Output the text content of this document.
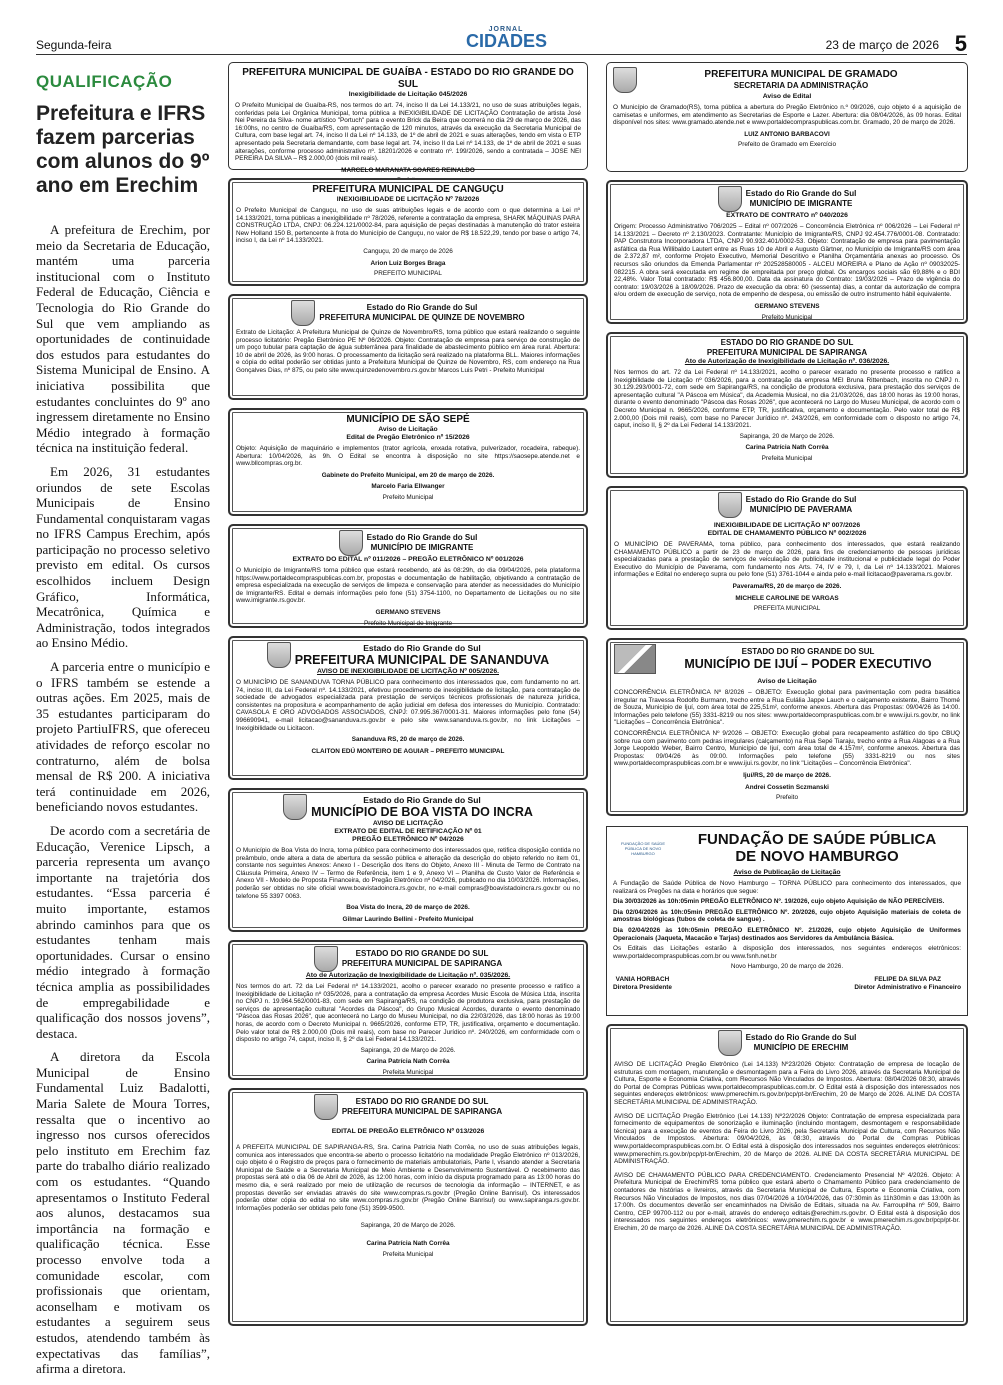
Segunda-feira
JORNAL
CIDADES	23 de março de 2026 5
QUALIFICAÇÃO
Prefeitura e IFRS fazem parcerias com alunos do 9º ano em Erechim

A prefeitura de Erechim, por meio da Secretaria de Educação, mantém uma parceria institucional com o Instituto Federal de Educação, Ciência e Tecnologia do Rio Grande do Sul que vem ampliando as oportunidades de continuidade dos estudos para estudantes do Sistema Municipal de Ensino. A iniciativa possibilita que estudantes concluintes do 9º ano ingressem diretamente no Ensino Médio integrado à formação técnica na instituição federal.

Em 2026, 31 estudantes oriundos de sete Escolas Municipais de Ensino Fundamental conquistaram vagas no IFRS Campus Erechim, após participação no processo seletivo previsto em edital. Os cursos escolhidos incluem Design Gráfico, Informática, Mecatrônica, Química e Administração, todos integrados ao Ensino Médio.

A parceria entre o município e o IFRS também se estende a outras ações. Em 2025, mais de 35 estudantes participaram do projeto PartiuIFRS, que ofereceu atividades de reforço escolar no contraturno, além de bolsa mensal de R$ 200. A iniciativa terá continuidade em 2026, beneficiando novos estudantes.

De acordo com a secretária de Educação, Verenice Lipsch, a parceria representa um avanço importante na trajetória dos estudantes. “Essa parceria é muito importante, estamos abrindo caminhos para que os estudantes tenham mais oportunidades. Cursar o ensino médio integrado à formação técnica amplia as possibilidades de empregabilidade e qualificação dos nossos jovens”, destaca.

A diretora da Escola Municipal de Ensino Fundamental Luiz Badalotti, Maria Salete de Moura Torres, ressalta que o incentivo ao ingresso nos cursos oferecidos pelo instituto em Erechim faz parte do trabalho diário realizado com os estudantes. “Quando apresentamos o Instituto Federal aos alunos, destacamos sua importância na formação e qualificação técnica. Esse processo envolve toda a comunidade escolar, com profissionais que orientam, aconselham e motivam os estudantes a seguirem seus estudos, atendendo também às expectativas das famílias”, afirma a diretora.

PREFEITURA MUNICIPAL DE GUAÍBA - ESTADO DO RIO GRANDE DO SUL
Inexigibilidade de Licitação 045/2026
O Prefeito Municipal de Guaíba-RS, nos termos do art. 74, inciso II da Lei 14.133/21, no uso de suas atribuições legais, conferidas pela Lei Orgânica Municipal, torna pública a INEXIGIBILIDADE DE LICITAÇÃO Contratação de artista José Nei Pereira da Silva- nome artístico "Portuch" para o evento Brick da Beira que ocorrerá no dia 29 de março de 2026, das 16:00hs, no centro de Guaíba/RS, com apresentação de 120 minutos, através da execução da Secretaria Municipal de Cultura, com base legal art. 74, inciso II da Lei nº 14.133, de 1º de abril de 2021 e suas alterações, tendo em vista o ETP apresentado pela Secretaria demandante, com base legal art. 74, inciso II da Lei nº 14.133, de 1º de abril de 2021 e suas alterações, conforme processo administrativo nº. 18201/2026 e contrato nº. 199/2026, sendo a contratada – JOSE NEI PEREIRA DA SILVA – R$ 2.000,00 (dois mil reais).
MARCELO MARANATA SOARES REINALDO
PREFEITURA MUNICIPAL DE CANGUÇU
INEXIGIBILIDADE DE LICITAÇÃO Nº 78/2026
O Prefeito Municipal de Canguçu, no uso de suas atribuições legais e de acordo com o que determina a Lei nº 14.133/2021, torna públicas a inexigibilidade nº 78/2026, referente a contratação da empresa, SHARK MÁQUINAS PARA CONSTRUÇÃO LTDA, CNPJ: 06.224.121/0002-84, para aquisição de peças destinadas à manutenção do trator esteira New Holland 150 B, pertencente à frota do Município de Canguçu, no valor de R$ 18.522,29, tendo por base o artigo 74, inciso I, da Lei nº 14.133/2021.
Canguçu, 20 de março de 2026
Arion Luiz Borges Braga
PREFEITO MUNICIPAL
Estado do Rio Grande do Sul
PREFEITURA MUNICIPAL DE QUINZE DE NOVEMBRO
Extrato de Licitação: A Prefeitura Municipal de Quinze de Novembro/RS, torna público que estará realizando o seguinte processo licitatório: Pregão Eletrônico PE Nº 06/2026. Objeto: Contratação de empresa para serviço de construção de um poço tubular para captação de água subterrânea para finalidade de abastecimento público em área rural. Abertura: 10 de abril de 2026, às 9:00 horas. O processamento da licitação será realizado na plataforma BLL. Maiores informações e cópia do edital poderão ser obtidas junto a Prefeitura Municipal de Quinze de Novembro, RS, com endereço na Rua Gonçalves Dias, nº 875, ou pelo site www.quinzedenovembro.rs.gov.br Marcos Luis Petri - Prefeito Municipal
MUNICÍPIO DE SÃO SEPÉ
Aviso de Licitação
Edital de Pregão Eletrônico nº 15/2026
Objeto: Aquisição de maquinário e implementos (trator agrícola, enxada rotativa, pulverizador, rocadeira, rabeque). Abertura: 10/04/2026, às 9h. O Edital se encontra à disposição no site https://saosepe.atende.net e www.bllcompras.org.br.
Gabinete do Prefeito Municipal, em 20 de março de 2026.
Marcelo Faria Ellwanger
Prefeito Municipal
Estado do Rio Grande do Sul
MUNICÍPIO DE IMIGRANTE
EXTRATO DO EDITAL nº 011/2026 – PREGÃO ELETRÔNICO Nº 001/2026
O Município de Imigrante/RS torna público que estará recebendo, até às 08:29h, do dia 09/04/2026, pela plataforma https://www.portaldecompraspublicas.com.br, propostas e documentação de habilitação, objetivando a contratação de empresa especializada na execução de serviços de limpeza e conservação para atender as necessidades do Município de Imigrante/RS. Edital e demais informações pelo fone (51) 3754-1100, no Departamento de Licitações ou no site www.imigrante.rs.gov.br.
GERMANO STEVENS
Prefeito Municipal de Imigrante
Estado do Rio Grande do Sul
PREFEITURA MUNICIPAL DE SANANDUVA
AVISO DE INEXIGIBILIDADE DE LICITAÇÃO Nº 005/2026.
O MUNICÍPIO DE SANANDUVA TORNA PÚBLICO para conhecimento dos interessados que, com fundamento no art. 74, inciso III, da Lei Federal nº. 14.133/2021, efetivou procedimento de inexigibilidade de licitação, para contratação de sociedade de advogados especializada para prestação de serviços técnicos profissionais de natureza jurídica, consistentes na propositura e acompanhamento de ação judicial em defesa dos interesses do Município. Contratado: CAVASOLA E ORO ADVOGADOS ASSOCIADOS, CNPJ: 07.995.367/0001-31. Maiores informações pelo fone (54) 996690941, e-mail licitacao@sananduva.rs.gov.br e pelo site www.sananduva.rs.gov.br, no link Licitações – Inexigibilidade ou Licitacon.
Sananduva RS, 20 de março de 2026.
CLAITON EDÚ MONTEIRO DE AGUIAR – PREFEITO MUNICIPAL
Estado do Rio Grande do Sul
MUNICÍPIO DE BOA VISTA DO INCRA
AVISO DE LICITAÇÃO
EXTRATO DE EDITAL DE RETIFICAÇÃO Nº 01
PREGÃO ELETRÔNICO Nº 04/2026
O Município de Boa Vista do Incra, torna público para conhecimento dos interessados que, retifica disposição contida no preâmbulo, onde altera a data de abertura da sessão pública e alteração da descrição do objeto referido no item 01, constante nos seguintes Anexos: Anexo I - Descrição dos Itens do Objeto, Anexo III - Minuta de Termo de Contrato na Cláusula Primeira, Anexo IV – Termo de Referência, item 1 e 9, Anexo VI – Planilha de Custo Valor de Referência e Anexo VII - Modelo de Proposta Financeira, do Pregão Eletrônico nº 04/2026, publicado no dia 10/03/2026. Informações, poderão ser obtidas no site oficial www.boavistadoincra.rs.gov.br, no e-mail compras@boavistadoincra.rs.gov.br ou no telefone 55 3397 0063.
Boa Vista do Incra, 20 de março de 2026.
Gilmar Laurindo Bellini - Prefeito Municipal
ESTADO DO RIO GRANDE DO SUL
PREFEITURA MUNICIPAL DE SAPIRANGA
Ato de Autorização de Inexigibilidade de Licitação nº. 035/2026.
Nos termos do art. 72 da Lei Federal nº 14.133/2021, acolho o parecer exarado no presente processo e ratifico a Inexigibilidade de Licitação nº 035/2026, para a contratação da empresa Acordes Music Escola de Música Ltda, inscrita no CNPJ n. 19.964.562/0001-83, com sede em Sapiranga/RS, na condição de produtora exclusiva, para prestação de serviços de apresentação cultural "Acordes da Páscoa", do Grupo Musical Acordes, durante o evento denominado "Páscoa das Rosas 2026", que acontecerá no Largo do Museu Municipal, no dia 22/03/2026, das 18:00 horas às 19:00 horas, de acordo com o Decreto Municipal n. 9665/2026, conforme ETP, TR, justificativa, orçamento e documentação. Pelo valor total de R$ 2.000,00 (Dois mil reais), com base no Parecer Jurídico nº. 240/2026, em conformidade com o disposto no artigo 74, caput, inciso II, § 2º da Lei Federal 14.133/2021.
Sapiranga, 20 de Março de 2026.
Carina Patrícia Nath Corrêa
Prefeita Municipal
ESTADO DO RIO GRANDE DO SUL
PREFEITURA MUNICIPAL DE SAPIRANGA
EDITAL DE PREGÃO ELETRÔNICO Nº 013/2026
A PREFEITA MUNICIPAL DE SAPIRANGA-RS, Sra. Carina Patrícia Nath Corrêa, no uso de suas atribuições legais, comunica aos interessados que encontra-se aberto o processo licitatório na modalidade Pregão Eletrônico nº 013/2026, cujo objeto é o Registro de preços para o fornecimento de materiais ambulatoriais, Parte I, visando atender a Secretaria Municipal de Saúde e a Secretaria Municipal de Meio Ambiente e Desenvolvimento Sustentável. O recebimento das propostas será até o dia 06 de Abril de 2026, às 12:00 horas, com início da disputa programado para as 13:00 horas do mesmo dia, e será realizado por meio de utilização de recursos de tecnologia da informação – INTERNET, e as propostas deverão ser enviadas através do site www.compras.rs.gov.br (Pregão Online Banrisul). Os interessados poderão obter cópia do edital no site www.compras.rs.gov.br (Pregão Online Banrisul) ou www.sapiranga.rs.gov.br. Informações poderão ser obtidas pelo fone (51) 3599-9500.
Sapiranga, 20 de Março de 2026.
Carina Patrícia Nath Corrêa
Prefeita Municipal
PREFEITURA MUNICIPAL DE GRAMADO
SECRETARIA DA ADMINISTRAÇÃO
Aviso de Edital
O Município de Gramado(RS), torna pública a abertura do Pregão Eletrônico n.º 09/2026, cujo objeto é a aquisição de camisetas e uniformes, em atendimento as Secretarias de Esporte e Lazer. Abertura: dia 08/04/2026, às 09 horas. Edital disponível nos sites: www.gramado.atende.net e www.portaldecompraspublicas.com.br. Gramado, 20 de março de 2026.
LUIZ ANTONIO BARBACOVI
Prefeito de Gramado em Exercício
Estado do Rio Grande do Sul
MUNICÍPIO DE IMIGRANTE
EXTRATO DE CONTRATO nº 040/2026
Origem: Processo Administrativo 706/2025 – Edital nº 007/2026 – Concorrência Eletrônica nº 006/2026 – Lei Federal nº 14.133/2021 – Decreto nº 2.130/2023. Contratante: Município de Imigrante/RS, CNPJ 92.454.776/0001-08. Contratado: PAP Construtora Incorporadora LTDA, CNPJ 90.932.401/0002-53. Objeto: Contratação de empresa para pavimentação asfáltica da Rua Willibaldo Lautert entre as Ruas 10 de Abril e Augusto Gärtner, no Município de Imigrante/RS com área de 2.372,87 m², conforme Projeto Executivo, Memorial Descritivo e Planilha Orçamentária anexas ao processo. Os recursos são oriundos da Emenda Parlamentar nº 202528580005 - ALCEU MOREIRA e Plano de Ação nº 09032025-082215. A obra será executada em regime de empreitada por preço global. Os encargos sociais são 69,88% e o BDI 22,48%. Valor Total contratado: R$ 456.800,00. Data da assinatura do Contrato: 19/03/2026 – Prazo de vigência do contrato: 19/03/2026 à 18/09/2026. Prazo de execução da obra: 60 (sessenta) dias, a contar da autorização de compra e/ou ordem de execução de serviço, nota de empenho de despesa, ou emissão de outro instrumento hábil equivalente.
GERMANO STEVENS
Prefeito Municipal
ESTADO DO RIO GRANDE DO SUL
PREFEITURA MUNICIPAL DE SAPIRANGA
Ato de Autorização de Inexigibilidade de Licitação nº. 036/2026.
Nos termos do art. 72 da Lei Federal nº 14.133/2021, acolho o parecer exarado no presente processo e ratifico a Inexigibilidade de Licitação nº 036/2026, para a contratação da empresa MEI Bruna Rittenbach, inscrita no CNPJ n. 30.129.293/0001-72, com sede em Sapiranga/RS, na condição de produtora exclusiva, para prestação dos serviços de apresentação cultural "A Páscoa em Música", da Academia Musical, no dia 21/03/2026, das 18:00 horas às 19:00 horas, durante o evento denominado "Páscoa das Rosas 2026", que acontecerá no Largo do Museu Municipal, de acordo com o Decreto Municipal n. 9665/2026, conforme ETP, TR, justificativa, orçamento e documentação. Pelo valor total de R$ 2.000,00 (Dois mil reais), com base no Parecer Jurídico nº. 243/2026, em conformidade com o disposto no artigo 74, caput, inciso II, § 2º da Lei Federal 14.133/2021.
Sapiranga, 20 de Março de 2026.
Carina Patrícia Nath Corrêa
Prefeita Municipal
Estado do Rio Grande do Sul
MUNICÍPIO DE PAVERAMA
INEXIGIBILIDADE DE LICITAÇÃO Nº 007/2026
EDITAL DE CHAMAMENTO PÚBLICO Nº 002/2026
O MUNICÍPIO DE PAVERAMA, torna público, para conhecimento dos interessados, que estará realizando CHAMAMENTO PÚBLICO a partir de 23 de março de 2026, para fins de credenciamento de pessoas jurídicas especializadas para a prestação de serviços de veiculação de publicidade institucional e publicidade legal do Poder Executivo do Município de Paverama, com fundamento nos Arts. 74, IV e 79, I, da Lei nº 14.133/2021. Maiores informações e Edital no endereço supra ou pelo fone (51) 3761-1044 e ainda pelo e-mail licitacao@paverama.rs.gov.br.
Paverama/RS, 20 de março de 2026.
MICHELE CAROLINE DE VARGAS
PREFEITA MUNICIPAL
ESTADO DO RIO GRANDE DO SUL
MUNICÍPIO DE IJUÍ – PODER EXECUTIVO
Aviso de Licitação
CONCORRÊNCIA ELETRÔNICA Nº 8/2026 – OBJETO: Execução global para pavimentação com pedra basáltica irregular na Travessa Rodolfo Burmann, trecho entre a Rua Eulália Jappe Lauch e o calçamento existente, Bairro Thomé de Souza, Município de Ijuí, com área total de 225,51m², conforme anexos. Abertura das Propostas: 09/04/26 às 14:00. Informações pelo telefone (55) 3331-8219 ou nos sites: www.portaldecompraspublicas.com.br e www.ijui.rs.gov.br, no link "Licitações – Concorrência Eletrônica".
CONCORRÊNCIA ELETRÔNICA Nº 9/2026 – OBJETO: Execução global para recapeamento asfáltico do tipo CBUQ sobre rua com pavimento com pedras irregulares (calçamento) na Rua Sepé Tiaraju, trecho entre a Rua Alagoas e a Rua Jorge Leopoldo Weber, Bairro Centro, Município de Ijuí, com área total de 4.157m², conforme anexos. Abertura das Propostas: 09/04/26 às 09:00. Informações pelo telefone (55) 3331-8219 ou nos sites www.portaldecompraspublicas.com.br e www.ijui.rs.gov.br, no link "Licitações – Concorrência Eletrônica".
Ijuí/RS, 20 de março de 2026.
Andrei Cossetin Sczmanski
Prefeito
FUNDAÇÃO DE SAÚDE PÚBLICA DE NOVO HAMBURGO
FUNDAÇÃO DE SAÚDE PÚBLICA
DE NOVO HAMBURGO
Aviso de Publicação de Licitação
A Fundação de Saúde Pública de Novo Hamburgo – TORNA PÚBLICO para conhecimento dos interessados, que realizará os Pregões na data e horários que segue:
Dia 30/03/2026 às 10h:05min PREGÃO ELETRÔNICO Nº. 19/2026, cujo objeto Aquisição de NÃO PERECÍVEIS.
Dia 02/04/2026 às 10h:05min PREGÃO ELETRÔNICO Nº. 20/2026, cujo objeto Aquisição materiais de coleta de amostras biológicas (tubos de coleta de sangue) .
Dia 02/04/2026 às 10h:05min PREGÃO ELETRÔNICO Nº. 21/2026, cujo objeto Aquisição de Uniformes Operacionais (Jaqueta, Macacão e Tarjas) destinados aos Servidores da Ambulância Básica.
Os Editais das Licitações estarão à disposição dos interessados, nos seguintes endereços eletrônicos: www.portaldecompraspublicas.com.br ou www.fsnh.net.br
Novo Hamburgo, 20 de março de 2026.
VANIA HORBACH
Diretora Presidente
FELIPE DA SILVA PAZ
Diretor Administrativo e Financeiro
Estado do Rio Grande do Sul
MUNICÍPIO DE ERECHIM
AVISO DE LICITAÇÃO Pregão Eletrônico (Lei 14.133) Nº23/2026 Objeto: Contratação de empresa de locação de estruturas com montagem, manutenção e desmontagem para a Feira do Livro 2026, através da Secretaria Municipal de Cultura, Esporte e Economia Criativa, com Recursos Não Vinculados de Impostos. Abertura: 08/04/2026 08:30, através do Portal de Compras Públicas www.portaldecompraspublicas.com.br. O Edital está à disposição dos interessados nos seguintes endereços eletrônicos: www.pmerechim.rs.gov.br/pcp/pt-br/Erechim, 20 de Março de 2026. ALINE DA COSTA SECRETÁRIA MUNICIPAL DE ADMINISTRAÇÃO.
AVISO DE LICITAÇÃO Pregão Eletrônico (Lei 14.133) Nº22/2026 Objeto: Contratação de empresa especializada para fornecimento de equipamentos de sonorização e iluminação (incluindo montagem, desmontagem e responsabilidade técnica) para a execução de eventos da Feira do Livro 2026, pela Secretaria Municipal de Cultura, com Recursos Não Vinculados de Impostos. Abertura: 09/04/2026, às 08:30, através do Portal de Compras Públicas www.portaldecompraspublicas.com.br. O Edital está à disposição dos interessados nos seguintes endereços eletrônicos: www.pmerechim.rs.gov.br/pcp/pt-br/Erechim, 20 de Março de 2026. ALINE DA COSTA SECRETÁRIA MUNICIPAL DE ADMINISTRAÇÃO.
AVISO DE CHAMAMENTO PÚBLICO PARA CREDENCIAMENTO. Credenciamento Presencial Nº 4/2026. Objeto: A Prefeitura Municipal de Erechim/RS torna público que estará aberto o Chamamento Público para credenciamento de contadores de histórias e livreiros, através da Secretaria Municipal de Cultura, Esporte e Economia Criativa, com Recursos Não Vinculados de Impostos, nos dias 07/04/2026 a 10/04/2026, das 07:30min às 11h30min e das 13:00h às 17:00h. Os documentos deverão ser encaminhados na Divisão de Editais, situada na Av. Farroupilha nº 509, Bairro Centro, CEP 99700-112 ou por e-mail, através do endereço editais@erechim.rs.gov.br. O Edital está à disposição dos interessados nos seguintes endereços eletrônicos: www.pmerechim.rs.gov.br e www.pmerechim.rs.gov.br/pcp/pt-br. Erechim, 20 de março de 2026. ALINE DA COSTA SECRETÁRIA MUNICIPAL DE ADMINISTRAÇÃO.
